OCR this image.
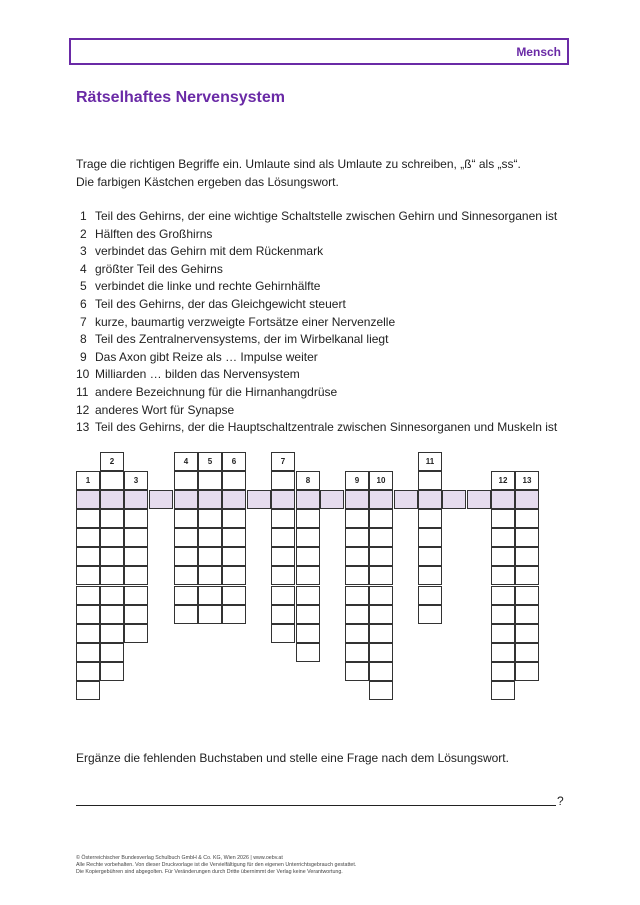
Mensch
Rätselhaftes Nervensystem
Trage die richtigen Begriffe ein. Umlaute sind als Umlaute zu schreiben, „ß“ als „ss“.
Die farbigen Kästchen ergeben das Lösungswort.
1 Teil des Gehirns, der eine wichtige Schaltstelle zwischen Gehirn und Sinnesorganen ist
2 Hälften des Großhirns
3 verbindet das Gehirn mit dem Rückenmark
4 größter Teil des Gehirns
5 verbindet die linke und rechte Gehirnhälfte
6 Teil des Gehirns, der das Gleichgewicht steuert
7 kurze, baumartig verzweigte Fortsätze einer Nervenzelle
8 Teil des Zentralnervensystems, der im Wirbelkanal liegt
9 Das Axon gibt Reize als … Impulse weiter
10 Milliarden … bilden das Nervensystem
11 andere Bezeichnung für die Hirnanhangdrüse
12 anderes Wort für Synapse
13 Teil des Gehirns, der die Hauptschaltzentrale zwischen Sinnesorganen und Muskeln ist
1
2
3
4	5	6	7
8	9	10
11
12	13
Ergänze die fehlenden Buchstaben und stelle eine Frage nach dem Lösungswort.
?
© Österreichischer Bundesverlag Schulbuch GmbH & Co. KG, Wien 2026 | www.oebv.at
Alle Rechte vorbehalten. Von dieser Druckvorlage ist die Vervielfältigung für den eigenen Unterrichtsgebrauch gestattet.
Die Kopiergebühren sind abgegolten. Für Veränderungen durch Dritte übernimmt der Verlag keine Verantwortung.
